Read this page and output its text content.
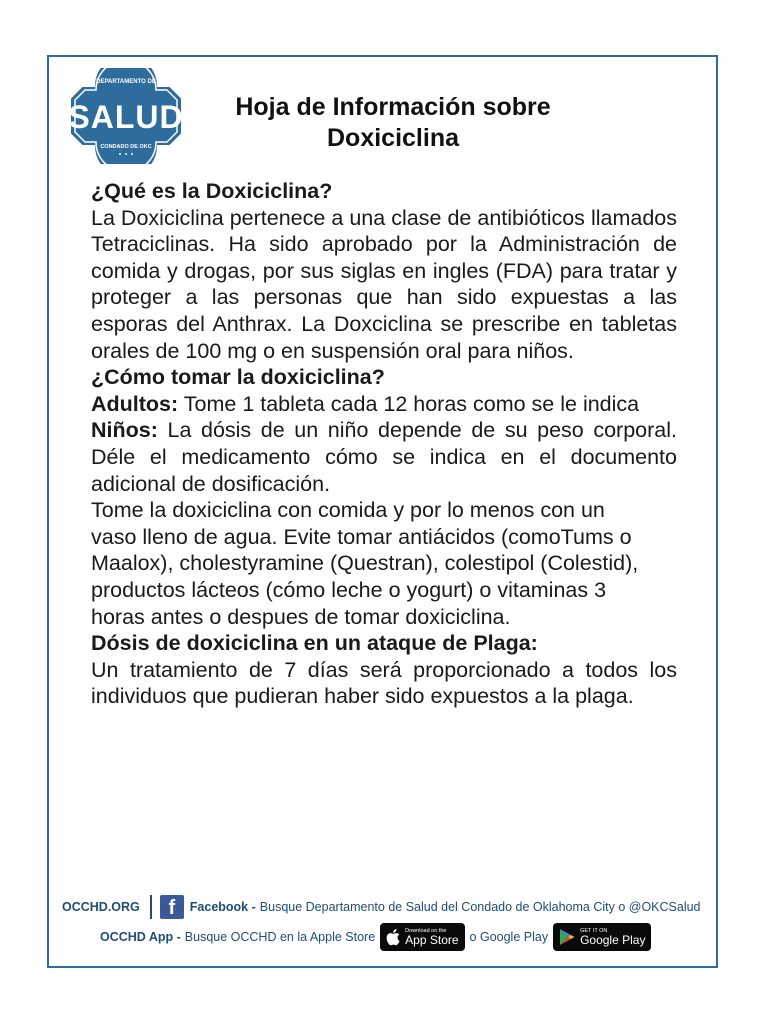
DEPARTAMENTO DE
SALUD
CONDADO DE OKC
Hoja de Información sobre
Doxiciclina
¿Qué es la Doxiciclina?

La Doxiciclina pertenece a una clase de antibióticos llamados Tetraciclinas. Ha sido aprobado por la Administración de comida y drogas, por sus siglas en ingles (FDA) para tratar y proteger a las personas que han sido expuestas a las esporas del Anthrax. La Doxciclina se prescribe en tabletas orales de 100 mg o en suspensión oral para niños.

¿Cómo tomar la doxiciclina?

Adultos: Tome 1 tableta cada 12 horas como se le indica

Niños: La dósis de un niño depende de su peso corporal. Déle el medicamento cómo se indica en el documento adicional de dosificación.

Tome la doxiciclina con comida y por lo menos con un

vaso lleno de agua. Evite tomar antiácidos (comoTums o

Maalox), cholestyramine (Questran), colestipol (Colestid),

productos lácteos (cómo leche o yogurt) o vitaminas 3

horas antes o despues de tomar doxiciclina.

Dósis de doxiciclina en un ataque de Plaga:

Un tratamiento de 7 días será proporcionado a todos los individuos que pudieran haber sido expuestos a la plaga.

OCCHD.ORG	f	Facebook - Busque Departamento de Salud del Condado de Oklahoma City o @OKCSalud
OCCHD App - Busque OCCHD en la Apple Store	Download on the
App Store o Google Play	GET IT ON
Google Play
